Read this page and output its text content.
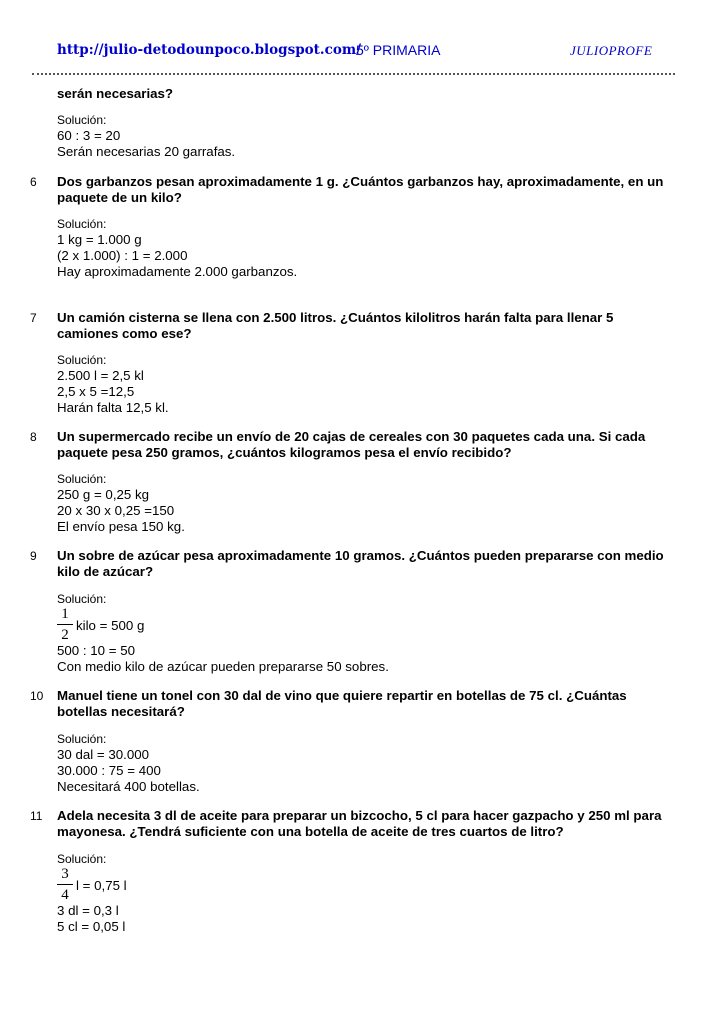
http://julio-detodounpoco.blogspot.com/
5º PRIMARIA	JULIOPROFE
serán necesarias?
Solución:
60 : 3 = 20
Serán necesarias 20 garrafas.
6 Dos garbanzos pesan aproximadamente 1 g. ¿Cuántos garbanzos hay, aproximadamente, en un
paquete de un kilo?
Solución:
1 kg = 1.000 g
(2 x 1.000) : 1 = 2.000
Hay aproximadamente 2.000 garbanzos.
7 Un camión cisterna se llena con 2.500 litros. ¿Cuántos kilolitros harán falta para llenar 5
camiones como ese?
Solución:
2.500 l = 2,5 kl
2,5 x 5 =12,5
Harán falta 12,5 kl.
8 Un supermercado recibe un envío de 20 cajas de cereales con 30 paquetes cada una. Si cada
paquete pesa 250 gramos, ¿cuántos kilogramos pesa el envío recibido?
Solución:
250 g = 0,25 kg
20 x 30 x 0,25 =150
El envío pesa 150 kg.
9 Un sobre de azúcar pesa aproximadamente 10 gramos. ¿Cuántos pueden prepararse con medio
kilo de azúcar?
Solución:
$\frac{1}{2}$ kilo = 500 g
500 : 10 = 50
Con medio kilo de azúcar pueden prepararse 50 sobres.
10 Manuel tiene un tonel con 30 dal de vino que quiere repartir en botellas de 75 cl. ¿Cuántas
botellas necesitará?
Solución:
30 dal = 30.000
30.000 : 75 = 400
Necesitará 400 botellas.
11 Adela necesita 3 dl de aceite para preparar un bizcocho, 5 cl para hacer gazpacho y 250 ml para
mayonesa. ¿Tendrá suficiente con una botella de aceite de tres cuartos de litro?
Solución:
$\frac{3}{4}$ l = 0,75 l
3 dl = 0,3 l
5 cl = 0,05 l
